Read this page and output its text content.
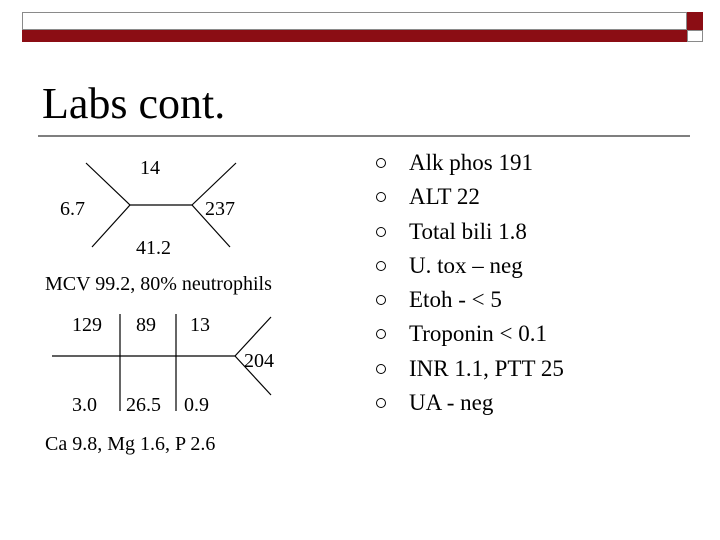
Labs cont.
14
6.7	237
41.2
MCV 99.2, 80% neutrophils
129 89 13
204
3.0 26.5 0.9
Ca 9.8, Mg 1.6, P 2.6
Alk phos 191
ALT 22
Total bili 1.8
U. tox – neg
Etoh - < 5
Troponin < 0.1
INR 1.1, PTT 25
UA - neg
